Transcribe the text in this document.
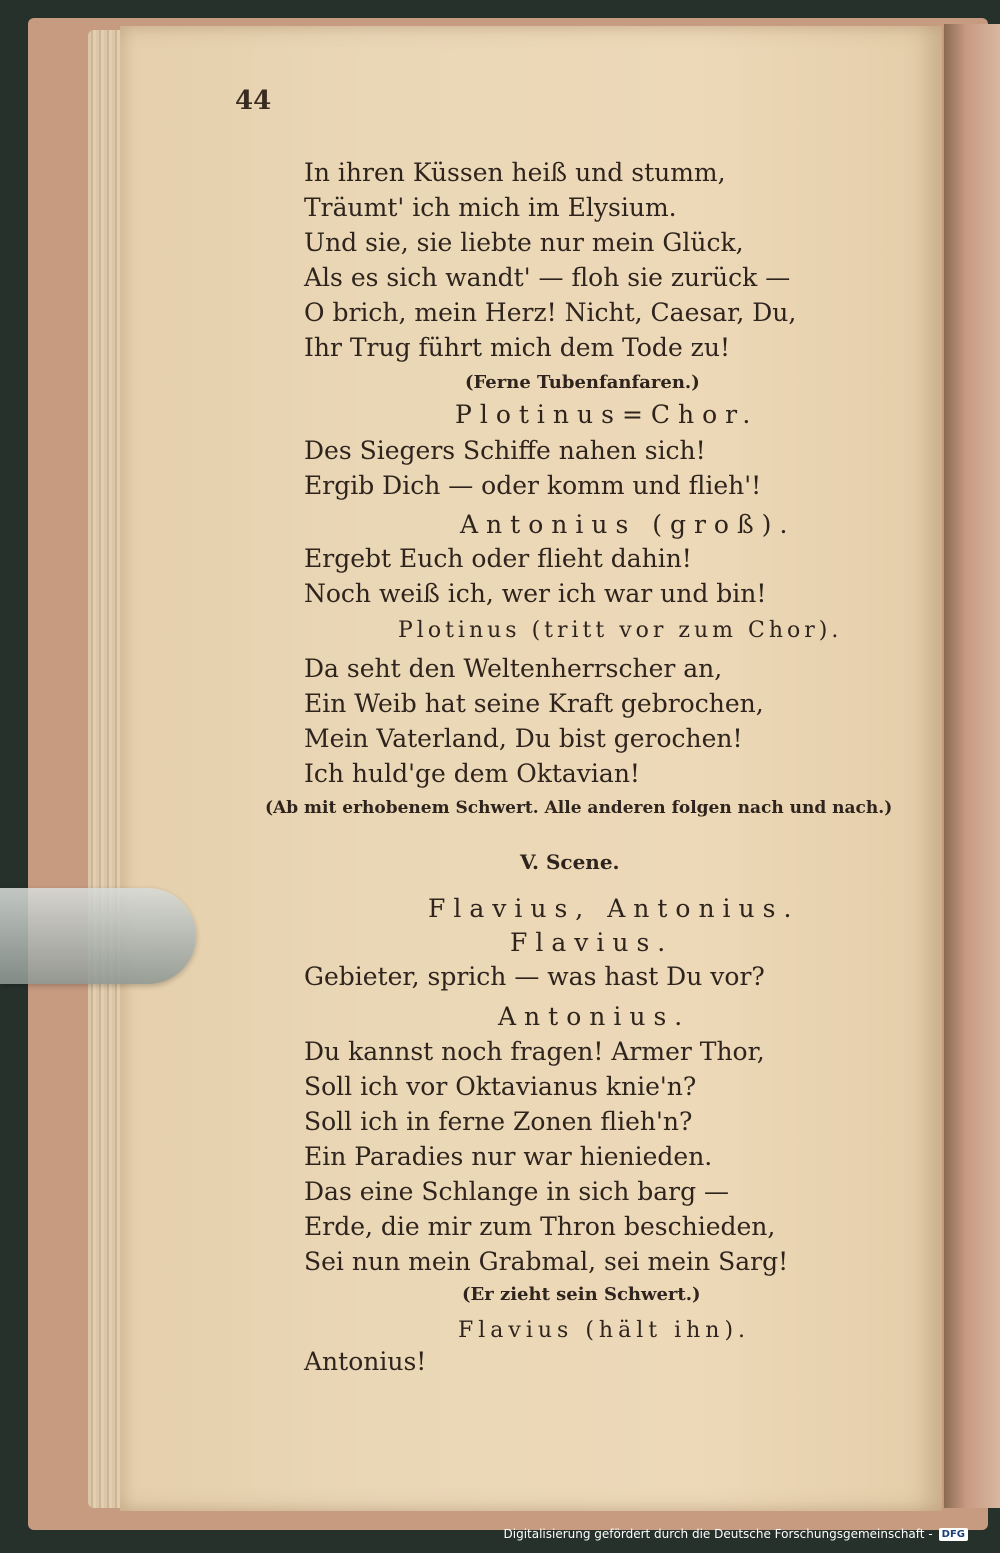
44

In ihren Küssen heiß und stumm,

Träumt' ich mich im Elysium.

Und sie, sie liebte nur mein Glück,

Als es sich wandt' — floh sie zurück —

O brich, mein Herz! Nicht, Caesar, Du,

Ihr Trug führt mich dem Tode zu!

(Ferne Tubenfanfaren.)

Plotinus=Chor.

Des Siegers Schiffe nahen sich!

Ergib Dich — oder komm und flieh'!

Antonius (groß).

Ergebt Euch oder flieht dahin!

Noch weiß ich, wer ich war und bin!

Plotinus (tritt vor zum Chor).

Da seht den Weltenherrscher an,

Ein Weib hat seine Kraft gebrochen,

Mein Vaterland, Du bist gerochen!

Ich huld'ge dem Oktavian!

(Ab mit erhobenem Schwert. Alle anderen folgen nach und nach.)

V. Scene.

Flavius, Antonius.

Flavius.

Gebieter, sprich — was hast Du vor?

Antonius.

Du kannst noch fragen! Armer Thor,

Soll ich vor Oktavianus knie'n?

Soll ich in ferne Zonen flieh'n?

Ein Paradies nur war hienieden.

Das eine Schlange in sich barg —

Erde, die mir zum Thron beschieden,

Sei nun mein Grabmal, sei mein Sarg!

(Er zieht sein Schwert.)

Flavius (hält ihn).

Antonius!

Digitalisierung gefördert durch die Deutsche Forschungsgemeinschaft - DFG
